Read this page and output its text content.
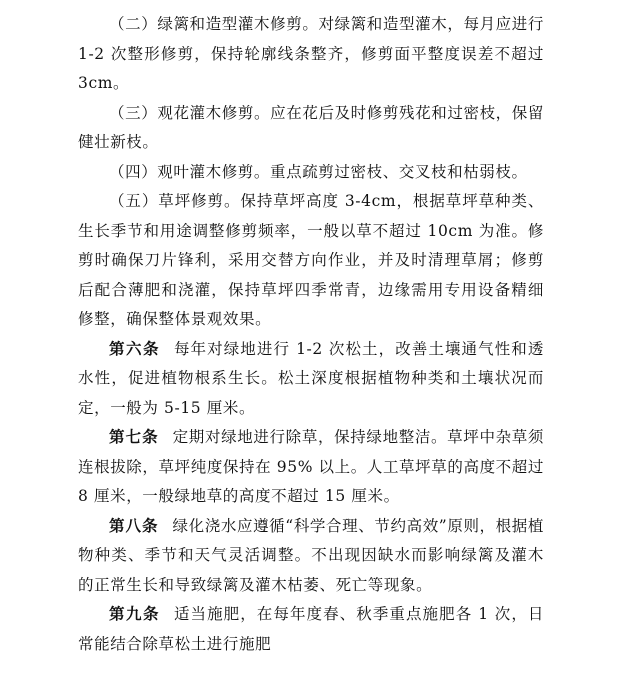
（二）绿篱和造型灌木修剪。对绿篱和造型灌木，每月应进行 1-2 次整形修剪，保持轮廓线条整齐，修剪面平整度误差不超过 3cm。

（三）观花灌木修剪。应在花后及时修剪残花和过密枝，保留健壮新枝。

（四）观叶灌木修剪。重点疏剪过密枝、交叉枝和枯弱枝。

（五）草坪修剪。保持草坪高度 3-4cm，根据草坪草种类、生长季节和用途调整修剪频率，一般以草不超过 10cm 为准。修剪时确保刀片锋利，采用交替方向作业，并及时清理草屑；修剪后配合薄肥和浇灌，保持草坪四季常青，边缘需用专用设备精细修整，确保整体景观效果。

第六条 每年对绿地进行 1-2 次松土，改善土壤通气性和透水性，促进植物根系生长。松土深度根据植物种类和土壤状况而定，一般为 5-15 厘米。

第七条 定期对绿地进行除草，保持绿地整洁。草坪中杂草须连根拔除，草坪纯度保持在 95% 以上。人工草坪草的高度不超过 8 厘米，一般绿地草的高度不超过 15 厘米。

第八条 绿化浇水应遵循“科学合理、节约高效”原则，根据植物种类、季节和天气灵活调整。不出现因缺水而影响绿篱及灌木的正常生长和导致绿篱及灌木枯萎、死亡等现象。

第九条 适当施肥，在每年度春、秋季重点施肥各 1 次，日常能结合除草松土进行施肥
